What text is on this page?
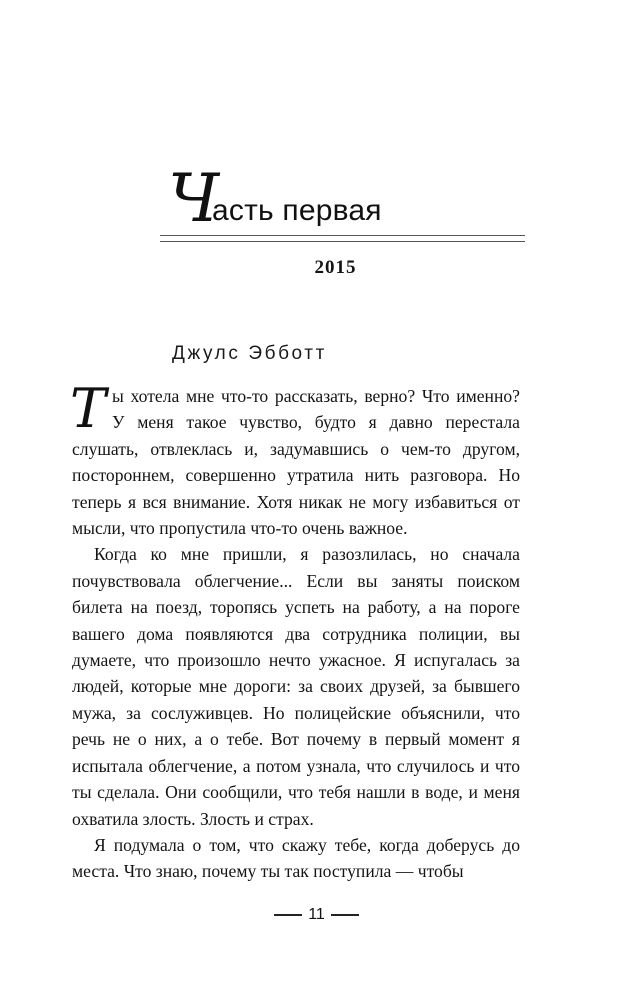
Ч
асть первая
2015
Джулс Эбботт

Ты хотела мне что-то рассказать, верно? Что именно? У меня такое чувство, будто я давно перестала слушать, отвлеклась и, задумавшись о чем-то другом, постороннем, совершенно утратила нить разговора. Но теперь я вся внимание. Хотя никак не могу избавиться от мысли, что пропустила что-то очень важное.

Когда ко мне пришли, я разозлилась, но сначала почувствовала облегчение... Если вы заняты поиском билета на поезд, торопясь успеть на работу, а на пороге вашего дома появляются два сотрудника полиции, вы думаете, что произошло нечто ужасное. Я испугалась за людей, которые мне дороги: за своих друзей, за бывшего мужа, за сослуживцев. Но полицейские объяснили, что речь не о них, а о тебе. Вот почему в первый момент я испытала облегчение, а потом узнала, что случилось и что ты сделала. Они сообщили, что тебя нашли в воде, и меня охватила злость. Злость и страх.

Я подумала о том, что скажу тебе, когда доберусь до места. Что знаю, почему ты так поступила — чтобы

11
